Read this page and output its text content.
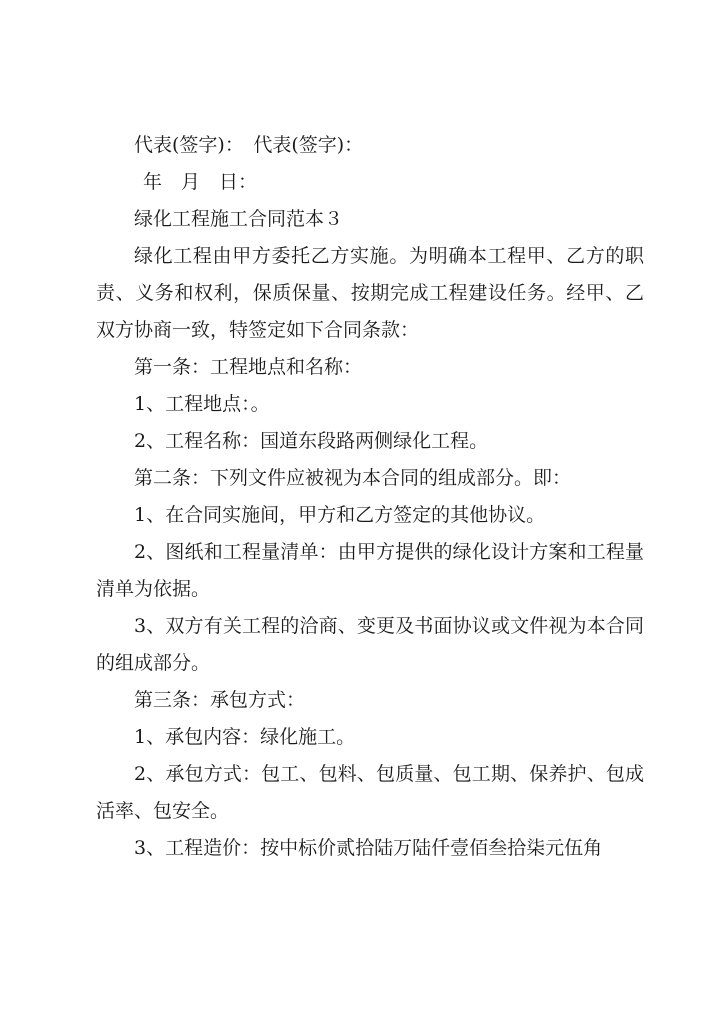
代表(签字)：　代表(签字)：

年　月　日：

绿化工程施工合同范本３

绿化工程由甲方委托乙方实施。为明确本工程甲、乙方的职责、义务和权利，保质保量、按期完成工程建设任务。经甲、乙双方协商一致，特签定如下合同条款：

第一条：工程地点和名称：

1、工程地点：。

2、工程名称：国道东段路两侧绿化工程。

第二条：下列文件应被视为本合同的组成部分。即：

1、在合同实施间，甲方和乙方签定的其他协议。

2、图纸和工程量清单：由甲方提供的绿化设计方案和工程量清单为依据。

3、双方有关工程的洽商、变更及书面协议或文件视为本合同的组成部分。

第三条：承包方式：

1、承包内容：绿化施工。

2、承包方式：包工、包料、包质量、包工期、保养护、包成活率、包安全。

3、工程造价：按中标价贰拾陆万陆仟壹佰叁拾柒元伍角
